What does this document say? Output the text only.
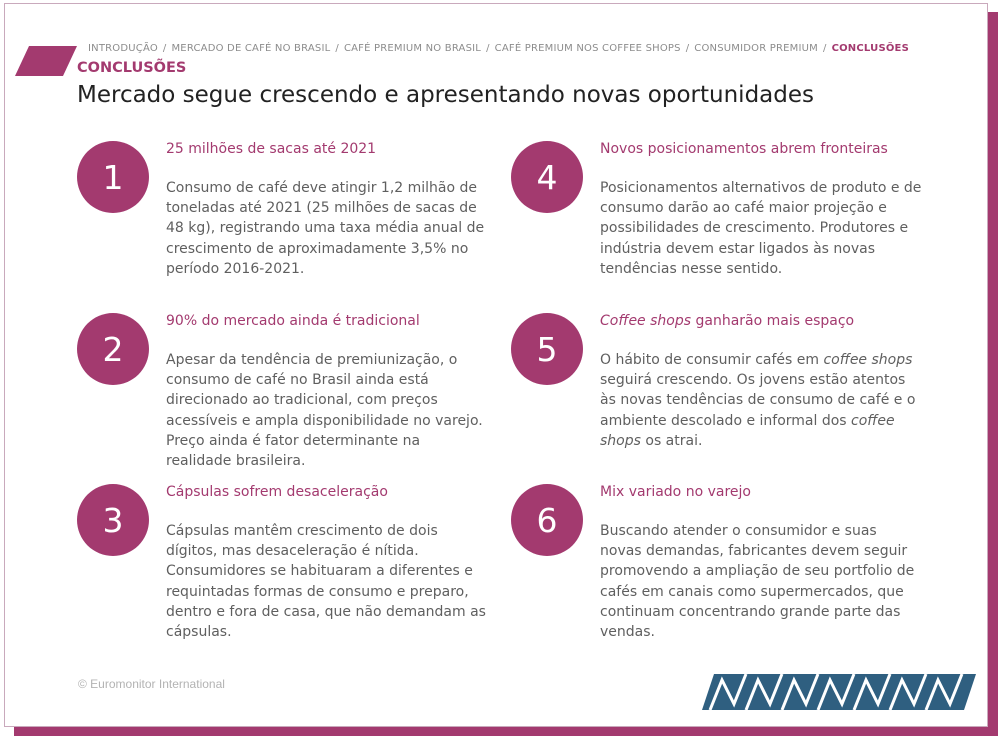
INTRODUÇÃO / MERCADO DE CAFÉ NO BRASIL / CAFÉ PREMIUM NO BRASIL / CAFÉ PREMIUM NOS COFFEE SHOPS / CONSUMIDOR PREMIUM / CONCLUSÕES
CONCLUSÕES
Mercado segue crescendo e apresentando novas oportunidades
1
25 milhões de sacas até 2021
Consumo de café deve atingir 1,2 milhão de toneladas até 2021 (25 milhões de sacas de 48 kg), registrando uma taxa média anual de crescimento de aproximadamente 3,5% no período 2016-2021.
2
90% do mercado ainda é tradicional
Apesar da tendência de premiunização, o consumo de café no Brasil ainda está direcionado ao tradicional, com preços acessíveis e ampla disponibilidade no varejo. Preço ainda é fator determinante na realidade brasileira.
3
Cápsulas sofrem desaceleração
Cápsulas mantêm crescimento de dois dígitos, mas desaceleração é nítida. Consumidores se habituaram a diferentes e requintadas formas de consumo e preparo, dentro e fora de casa, que não demandam as cápsulas.
4
Novos posicionamentos abrem fronteiras
Posicionamentos alternativos de produto e de consumo darão ao café maior projeção e possibilidades de crescimento. Produtores e indústria devem estar ligados às novas tendências nesse sentido.
5
Coffee shops ganharão mais espaço
O hábito de consumir cafés em coffee shops seguirá crescendo. Os jovens estão atentos às novas tendências de consumo de café e o ambiente descolado e informal dos coffee shops os atrai.
6
Mix variado no varejo
Buscando atender o consumidor e suas novas demandas, fabricantes devem seguir promovendo a ampliação de seu portfolio de cafés em canais como supermercados, que continuam concentrando grande parte das vendas.
© Euromonitor International
